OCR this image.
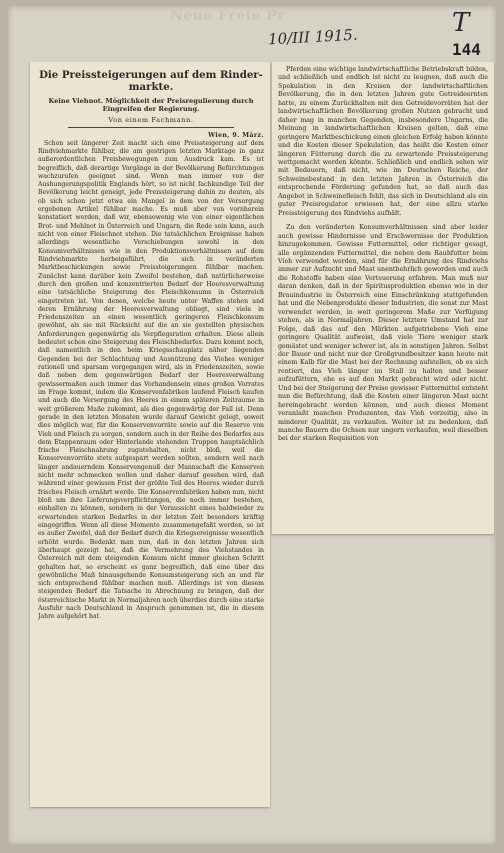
Neue Freie Pr
10/III 1915.	T
144
Die Preissteigerungen auf dem Rinder-markte.
Keine Viehnot. Möglichkeit der Preisregulierung durch Eingreifen der Regierung.
Von einem Fachmann.
Wien, 9. März.
Schon seit längerer Zeit macht sich eine Preissteigerung auf dem Rindviehmarkte fühlbar, die am gestrigen letzten Marktage in ganz außerordentlichen Preisbewegungen zum Ausdruck kam. Es ist begreiflich, daß derartige Vorgänge in der Bevölkerung Befürchtungen wachzurufen geeignet sind. Wenn man immer von der Aushungerungspolitik Englands hört, so ist nicht fachkundige Teil der Bevölkerung leicht geneigt, jede Preissteigerung dahin zu deuten, als ob sich schon jetzt etwa ein Mangel in dem von der Versorgung ergebenen Artikel fühlbar mache. Es muß aber von vornherein konstatiert werden, daß wir, ebensowenig wie von einer eigentlichen Brot- und Mehlnot in Österreich und Ungarn, die Rede sein kann, auch nicht von einer Fleischnot stehen. Die tatsächlichen Ereignisse haben allerdings wesentliche Verschiebungen sowohl in den Konsumverhältnissen wie in den Produktionsverhältnissen auf dem Rindviehmarkte herbeigeführt, die sich in veränderten Marktbeschickungen sowie Preissteigerungen fühlbar machen. Zunächst kann darüber kein Zweifel bestehen, daß natürlicherweise durch den großen und konzentrierten Bedarf der Heeresverwaltung eine tatsächliche Steigerung des Fleischkonsums in Österreich eingetreten ist. Von denen, welche heute unter Waffen stehen und deren Ernährung der Heeresverwaltung obliegt, sind viele in Friedenszeiten an einen wesentlich geringeren Fleischkonsum gewöhnt, als sie mit Rücksicht auf die an sie gestellten physischen Anforderungen gegenwärtig als Verpflegsration erhalten. Diese allein bedeutet schon eine Steigerung des Fleischbedarfes. Dazu kommt noch, daß namentlich in den beim Kriegsschauplatz näher liegenden Gegenden bei der Schlachtung und Ausnützung des Viehes weniger rationell und sparsam vorgegangen wird, als in Friedenszeiten, sowie daß neben dem gegenwärtigen Bedarf der Heeresverwaltung gewissermaßen auch immer das Vorhandensein eines großen Vorrates im Frage kommt, indem die Konservenfabriken laufend Fleisch kaufen und auch die Versorgung des Heeres in einem späteren Zeitraume in weit größerem Maße zukommt, als dies gegenwärtig der Fall ist. Denn gerade in den letzten Monaten wurde darauf Gewicht gelegt, soweit dies möglich war, für die Konservenvorräte sowie auf die Reserve von Vieh und Fleisch zu sorgen, sondern auch in der Reihe des Bedarfes aus dem Etappenraum oder Hinterlande stehenden Truppen hauptsächlich frische Fleischnahrung zugutehalten, nicht bloß, weil die Konservenvorräte stets aufgespart werden sollten, sondern weil nach länger andauerndem Konservengenuß der Mannschaft die Konserven nicht mehr schmecken wollen und daher darauf gesehen wird, daß während einer gewissen Frist der größte Teil des Heeres wieder durch frisches Fleisch ernährt werde. Die Konservenfabriken haben nun, nicht bloß um ihre Lieferungsverpflichtungen, die noch immer bestehen, einhalten zu können, sondern in der Voraussicht eines baldwieder zu erwartenden starken Bedarfes in der letzten Zeit besonders kräftig eingegriffen. Wenn all diese Momente zusammengefaßt werden, so ist es außer Zweifel, daß der Bedarf durch die Kriegsereignisse wesentlich erhöht wurde. Bedenkt man nun, daß in den letzten Jahren sich überhaupt gezeigt hat, daß die Vermehrung des Viehstandes in Österreich mit dem steigenden Konsum nicht immer gleichen Schritt gehalten hat, so erscheint es ganz begreiflich, daß eine über das gewöhnliche Maß hinausgehende Konsumsteigerung sich an und für sich entsprechend fühlbar machen muß. Allerdings ist von diesem steigenden Bedarf die Tatsache in Abrechnung zu bringen, daß der österreichische Markt in Normaljahren noch überdies durch eine starke Ausfuhr nach Deutschland in Anspruch genommen ist, die in diesem Jahre aufgehört hat.

Pferden eine wichtige landwirtschaftliche Betriebskraft bilden, und schließlich und endlich ist nicht zu leugnen, daß auch die Spekulation in den Kreisen der landwirtschaftlichen Bevölkerung, die in den letzten Jahren gute Getreideernten hatte, zu einem Zurückhalten mit den Getreidevorräten hat der landwirtschaftlichen Bevölkerung großen Nutzen gebracht und daher mag in manchen Gegenden, insbesondere Ungarns, die Meinung in landwirtschaftlichen Kreisen gelten, daß eine geringere Marktbeschickung einen gleichen Erfolg haben könnte und die Kosten dieser Spekulation, das heißt die Kosten einer längeren Fütterung durch die zu erwartende Preissteigerung wettgemacht werden könnte. Schließlich und endlich sehen wir mit Bedauern, daß nicht, wie im Deutschen Reiche, der Schweinebestand in den letzten Jahren in Österreich die entsprechende Förderung gefunden hat, so daß auch das Angebot in Schweinefleisch fehlt, das sich in Deutschland als ein guter Preisregulator erwiesen hat, der eine allzu starke Preissteigerung des Rindviehs aufhält.

Zu den veränderten Konsumverhältnissen sind aber leider auch gewisse Hindernisse und Erschwernisse der Produktion hinzugekommen. Gewisse Futtermittel, oder richtiger gesagt, alle ergänzenden Futtermittel, die neben dem Rauhfutter beim Vieh verwendet werden, sind für die Ernährung des Rindviehs immer zur Aufzucht und Mast unentbehrlich geworden und auch die Rohstoffe haben eine Verteuerung erfahren. Man muß nur daran denken, daß in der Spiritusproduktion ebenso wie in der Brauindustrie in Österreich eine Einschränkung stattgefunden hat und die Nebenprodukte dieser Industrien, die sonst zur Mast verwendet werden, in weit geringerem Maße zur Verfügung stehen, als in Normaljahren. Dieser letztere Umstand hat zur Folge, daß das auf den Märkten aufgetriebene Vieh eine geringere Qualität aufweist, daß viele Tiere weniger stark gemästet und weniger schwer ist, als in sonstigen Jahren. Selbst der Bauer und nicht nur der Großgrundbesitzer kann heute mit einem Kalb für die Mast bei der Rechnung aufstellen, ob es sich rentiert, das Vieh länger im Stall zu halten und besser aufzufüttern, ehe es auf den Markt gebracht wird oder nicht. Und bei der Steigerung der Preise gewisser Futtermittel entsteht nun die Befürchtung, daß die Kosten einer längeren Mast nicht hereingebracht werden können, und auch dieses Moment veranlaßt manchen Produzenten, das Vieh vorzeitig, also in minderer Qualität, zu verkaufen. Weiter ist zu bedenken, daß manche Bauern die Ochsen nur ungern verkaufen, weil dieselben bei der starken Requisition von
